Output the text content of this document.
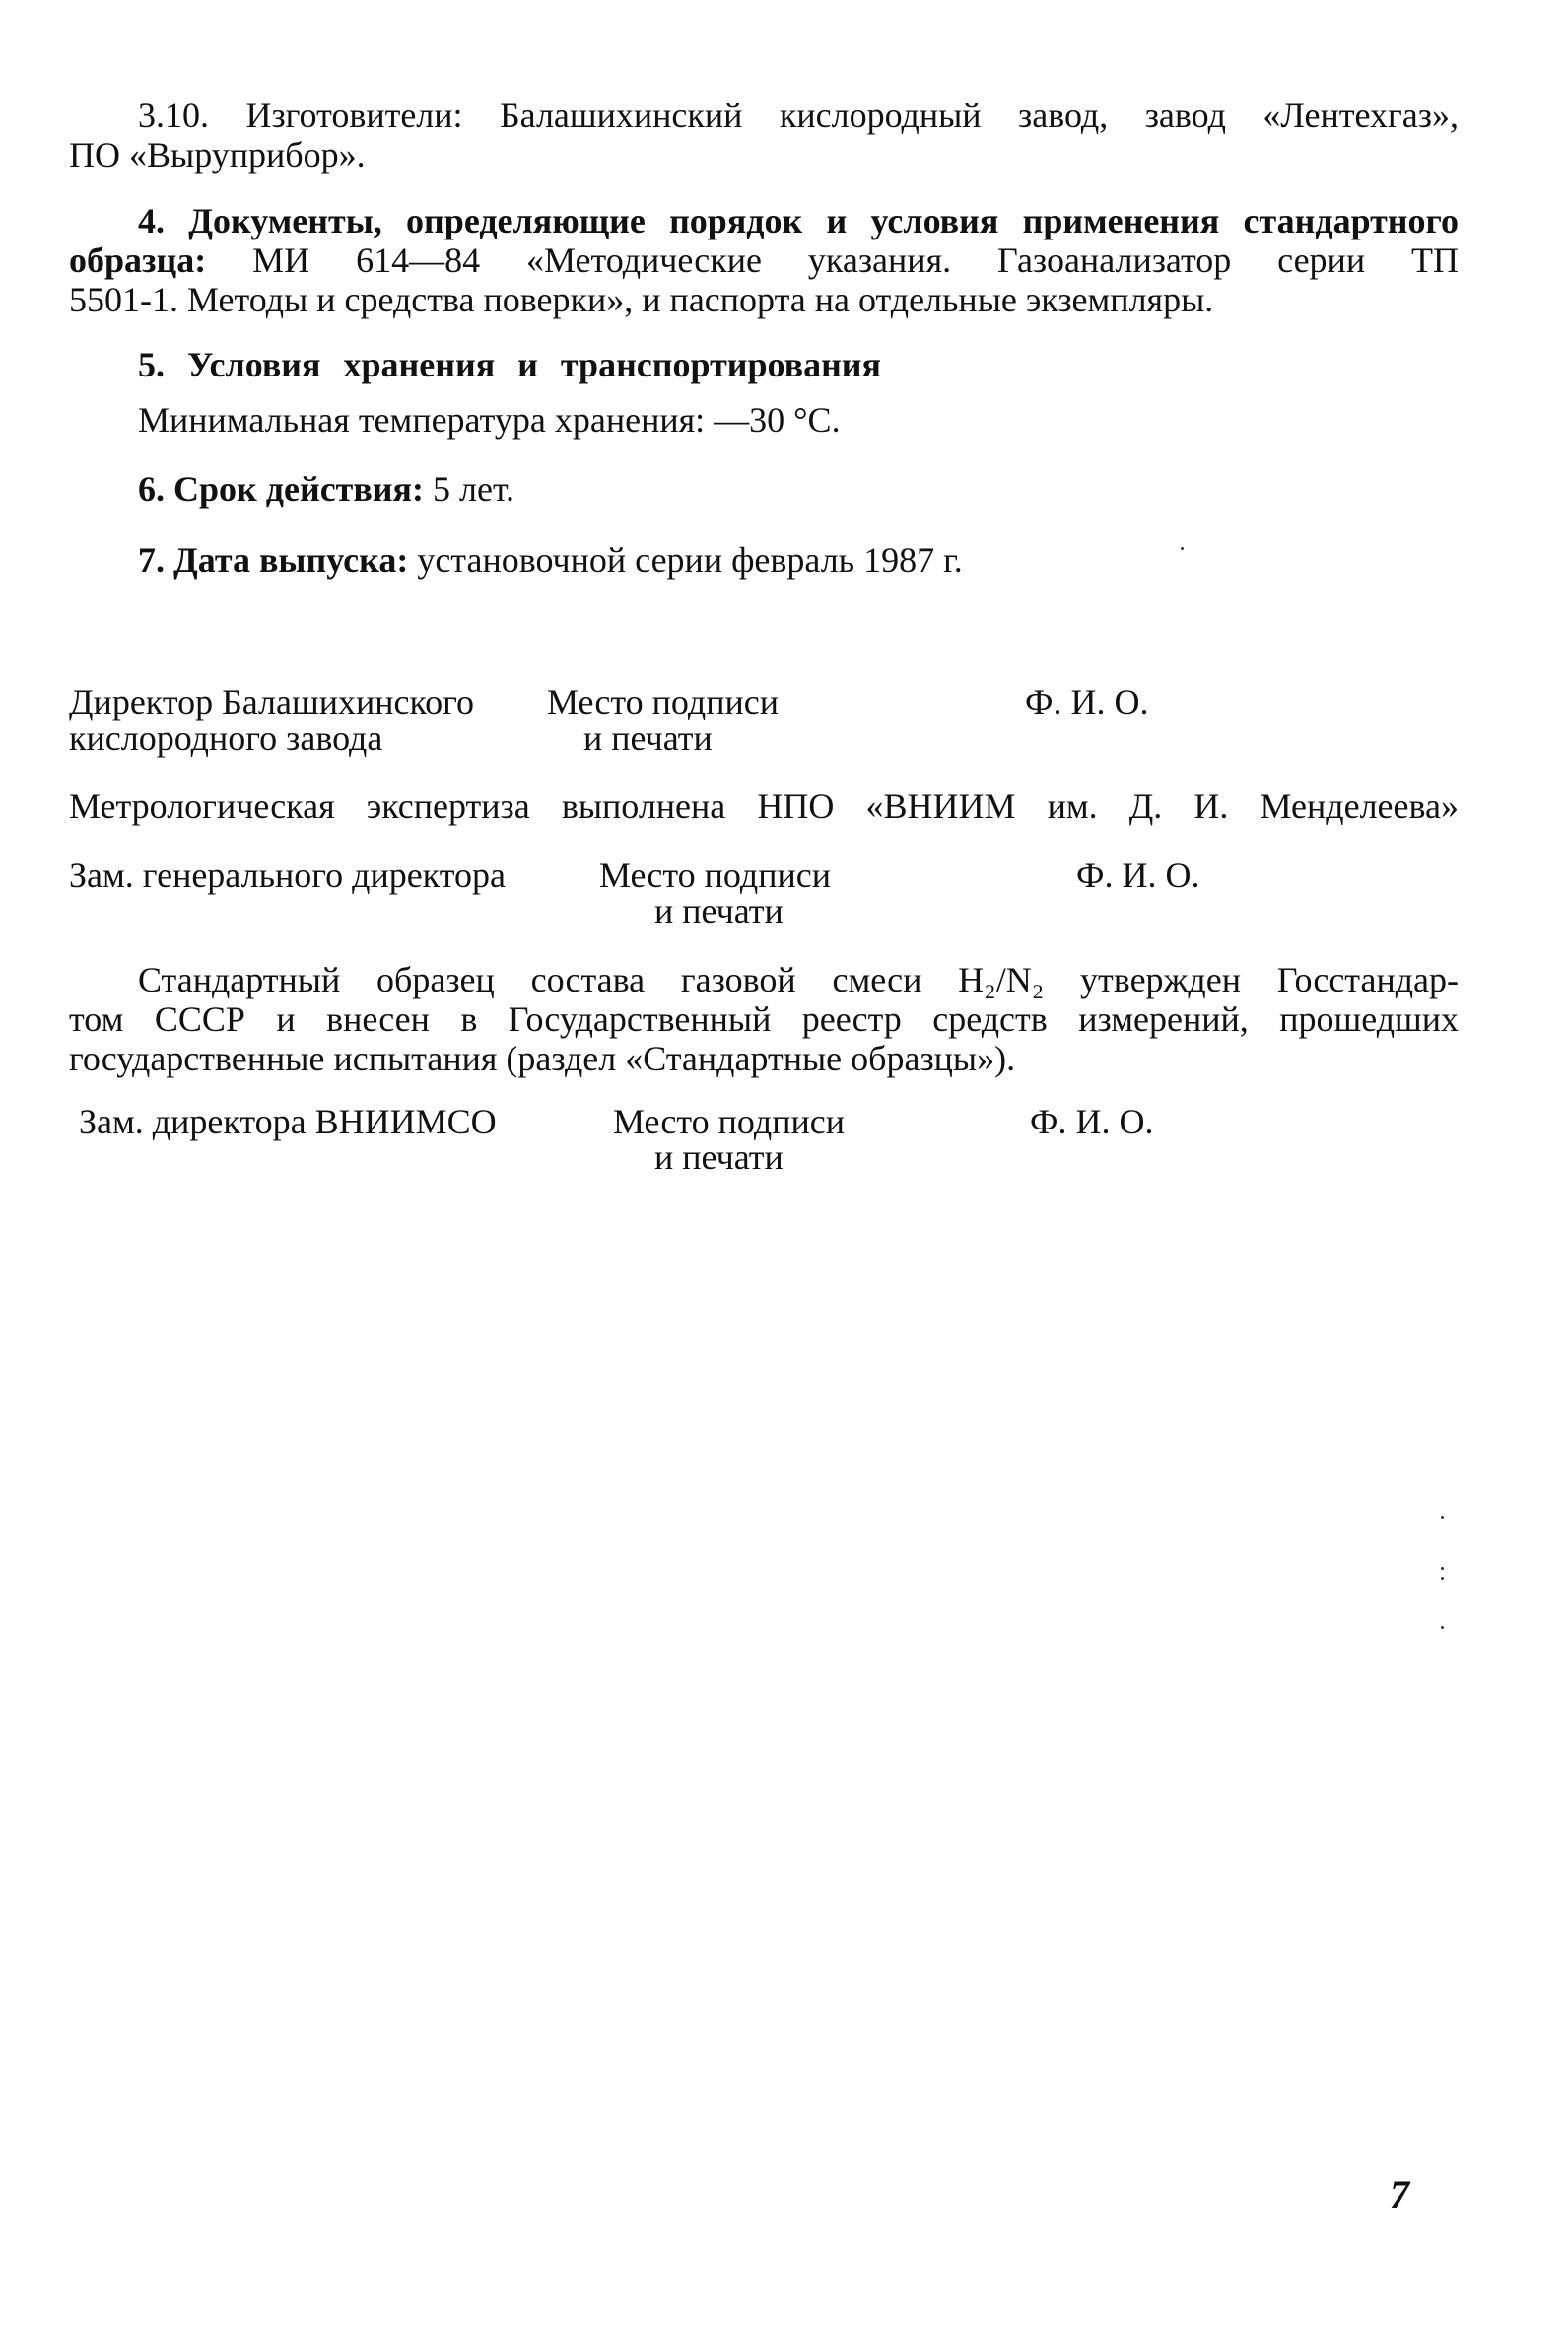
3.10. Изготовители: Балашихинский кислородный завод, завод «Лентехгаз»,
ПО «Выруприбор».
4. Документы, определяющие порядок и условия применения стандартного
образца: МИ 614—84 «Методические указания. Газоанализатор серии ТП
5501-1. Методы и средства поверки», и паспорта на отдельные экземпляры.
5. Условия хранения и транспортирования
Минимальная температура хранения: —30 °С.
6. Срок действия: 5 лет.
7. Дата выпуска: установочной серии февраль 1987 г.
Директор Балашихинского
кислородного завода
Место подписи
и печати
Ф. И. О.
Метрологическая экспертиза выполнена НПО «ВНИИМ им. Д. И. Менделеева»
Зам. генерального директора	Место подписи
и печати
Ф. И. О.
Стандартный образец состава газовой смеси H₂/N₂ утвержден Госстандар-
том СССР и внесен в Государственный реестр средств измерений, прошедших
государственные испытания (раздел «Стандартные образцы»).
Зам. директора ВНИИМСО	Место подписи
и печати
Ф. И. О.
7
